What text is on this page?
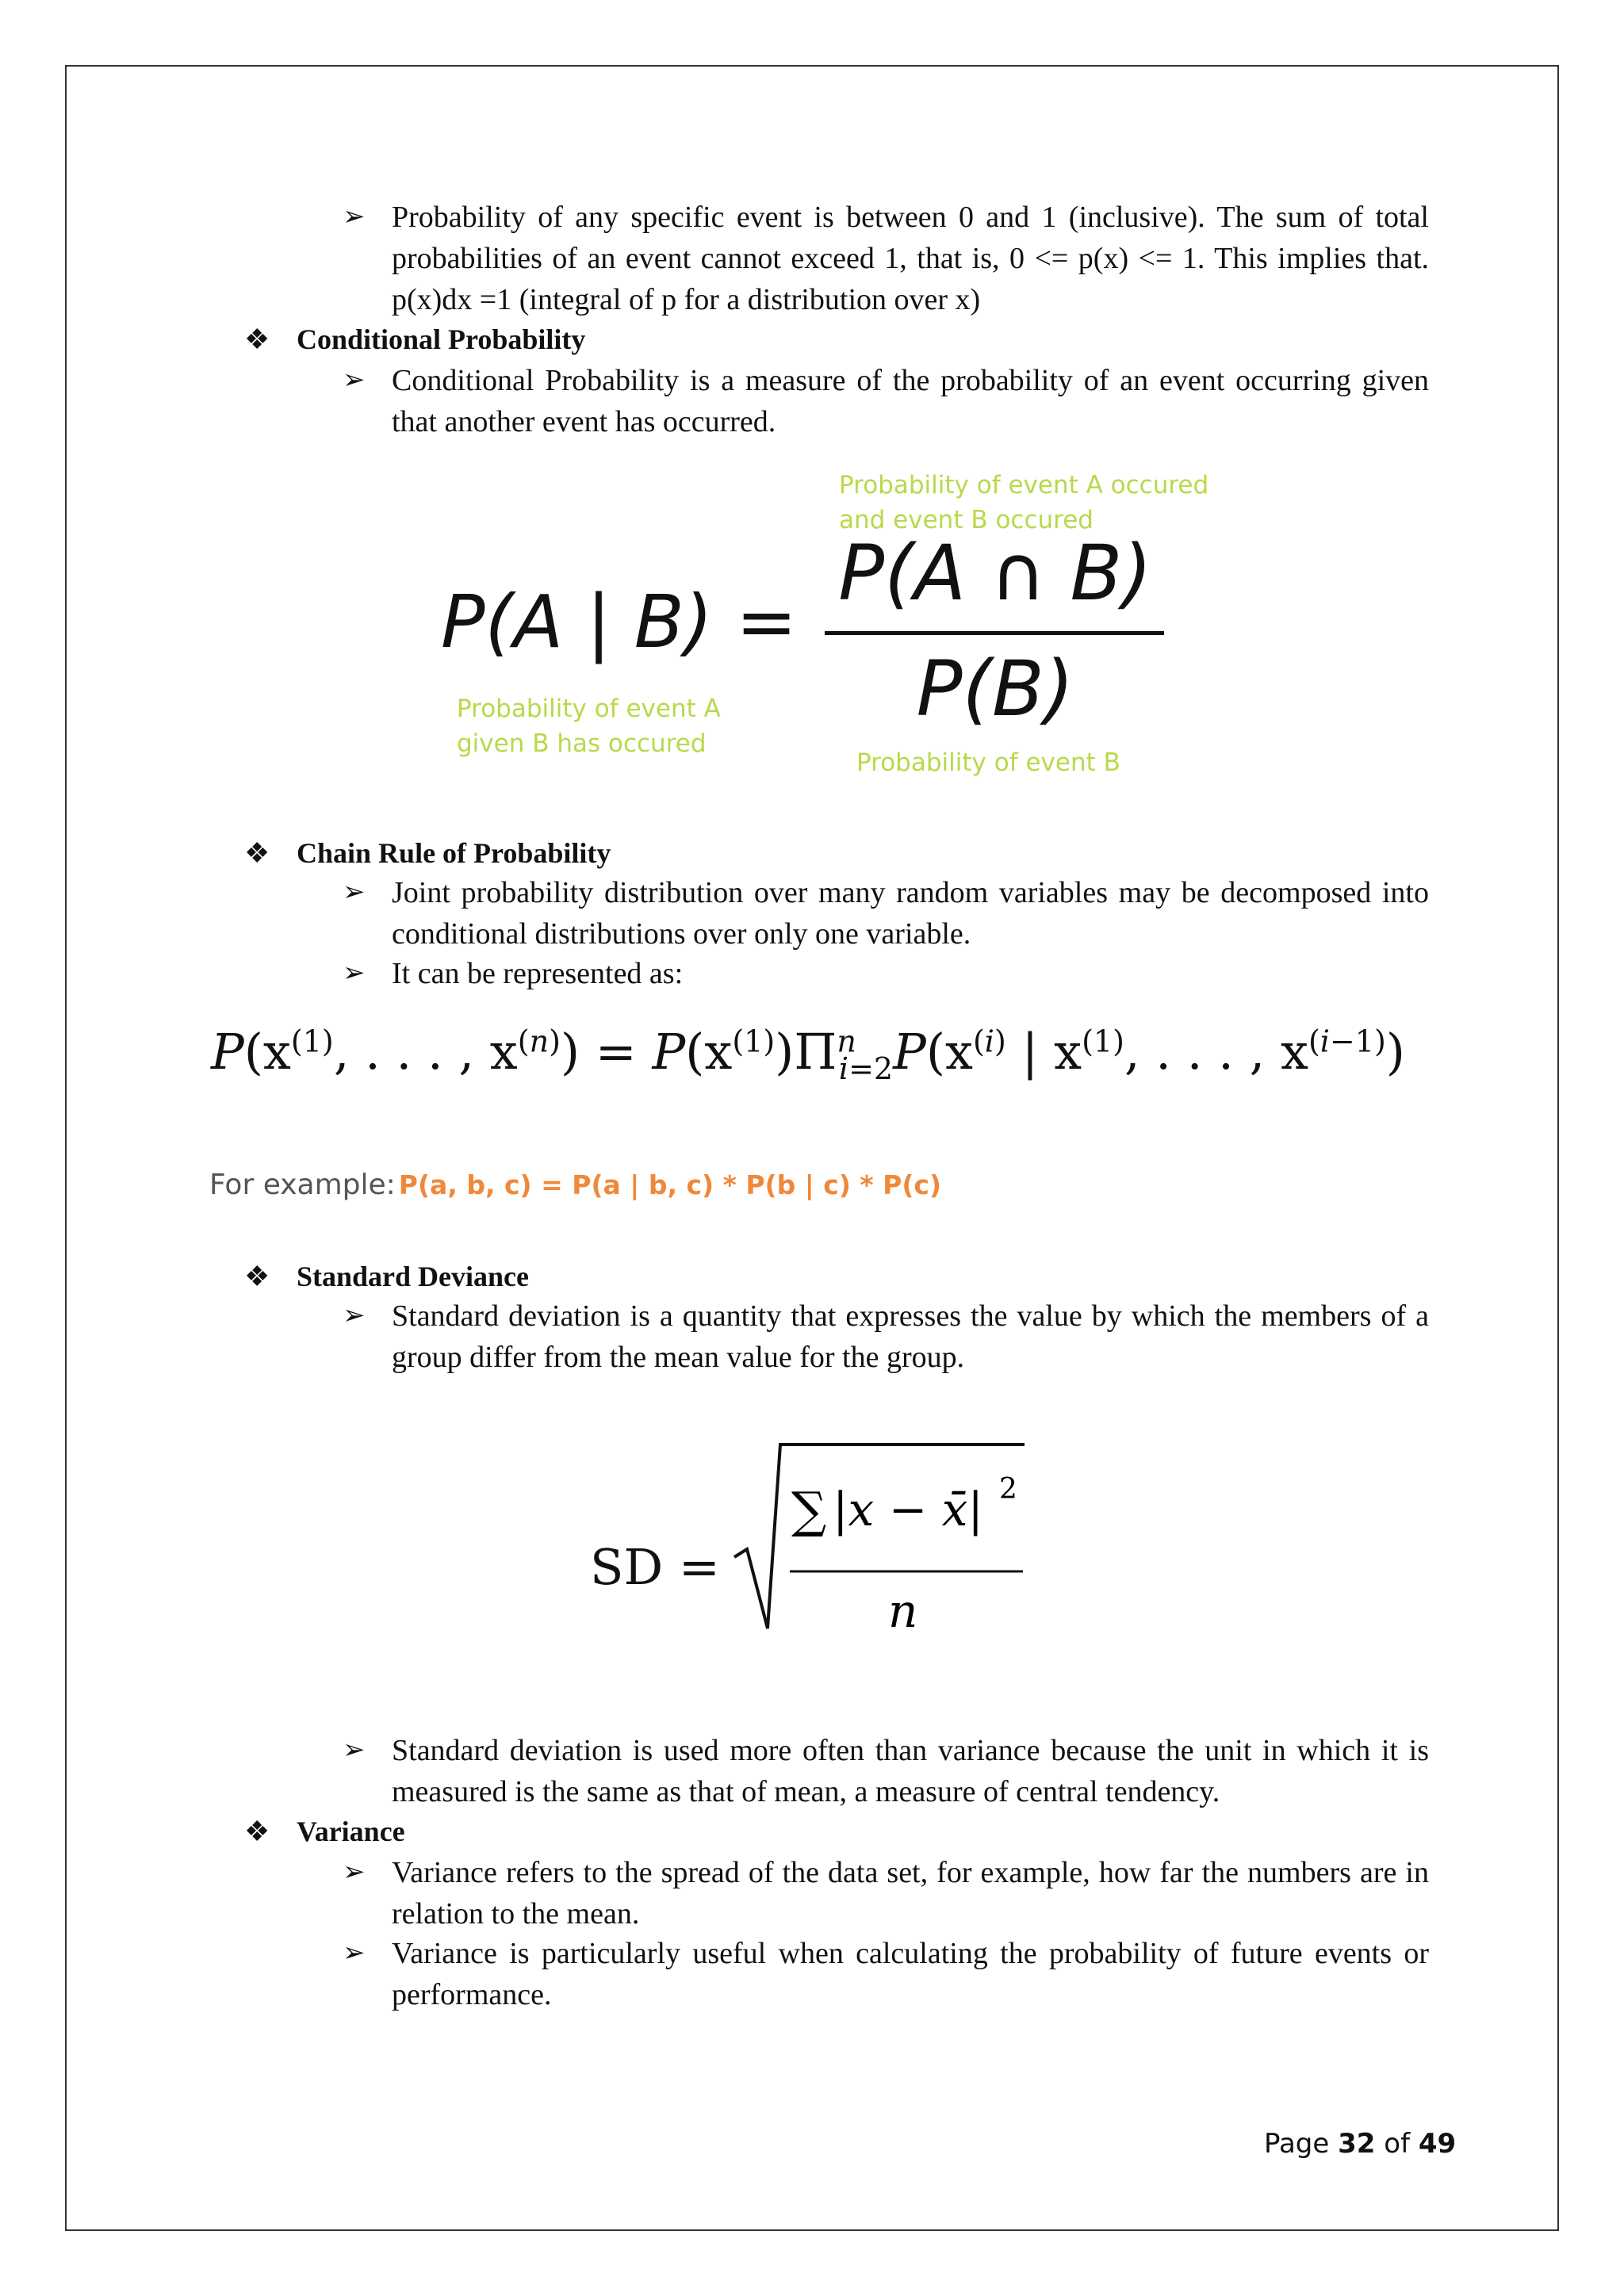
➢ Probability of any specific event is between 0 and 1 (inclusive). The sum of total probabilities of an event cannot exceed 1, that is, 0 <= p(x) <= 1. This implies that. p(x)dx =1 (integral of p for a distribution over x)
❖ Conditional Probability
➢ Conditional Probability is a measure of the probability of an event occurring given that another event has occurred.
Probability of event A occured
and event B occured
P(A | B) =
P(A ∩ B)
P(B)
Probability of event A
given B has occured
Probability of event B
❖ Chain Rule of Probability
➢ Joint probability distribution over many random variables may be decomposed into conditional distributions over only one variable.
➢ It can be represented as:
$P(x^{(1)}$, . . . , $x^{(n)}) = P(x^{(1)})\Pi^n_{i=2}P(x^{(i)}$ | $x^{(1)}$, . . . , $x^{(i-1)}$)
For example: P(a, b, c) = P(a | b, c) * P(b | c) * P(c)
❖ Standard Deviance
➢ Standard deviation is a quantity that expresses the value by which the members of a group differ from the mean value for the group.
SD =
∑ |x − x̄| 2
n
➢ Standard deviation is used more often than variance because the unit in which it is measured is the same as that of mean, a measure of central tendency.
❖ Variance
➢ Variance refers to the spread of the data set, for example, how far the numbers are in relation to the mean.
➢ Variance is particularly useful when calculating the probability of future events or performance.
Page 32 of 49
